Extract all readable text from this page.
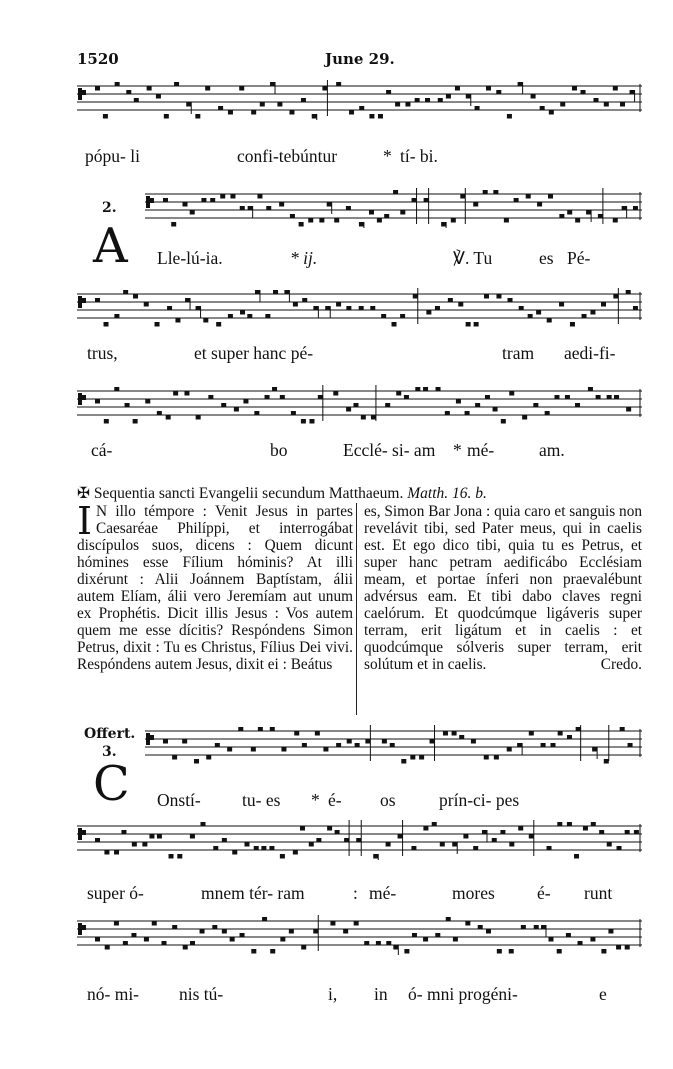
1520	June 29.
pópu- li	confi-tebúntur	* tí- bi.
2.
A Lle-lú-ia.	* ij.	℣. Tu	es Pé-
trus,	et super hanc pé-	tram aedi-fi-
cá-	bo	Ecclé- si- am * mé-	am.
✠ Sequentia sancti Evangelii secundum Matthaeum. Matth. 16. b.
I N illo témpore : Venit Jesus in partes Caesaréae Philíppi, et interrogábat discípulos suos, dicens : Quem dicunt hómines esse Fílium hóminis? At illi dixérunt : Alii Joánnem Baptístam, álii autem Elíam, álii vero Jeremíam aut unum ex Prophétis. Dicit illis Jesus : Vos autem quem me esse dícitis? Respóndens Simon Petrus, dixit : Tu es Christus, Fílius Dei vivi. Respóndens autem Jesus, dixit ei : Beátus

es, Simon Bar Jona : quia caro et sanguis non revelávit tibi, sed Pater meus, qui in caelis est. Et ego dico tibi, quia tu es Petrus, et super hanc petram aedificábo Ecclésiam meam, et portae ínferi non praevalébunt advérsus eam. Et tibi dabo claves regni caelórum. Et quodcúmque ligáveris super terram, erit ligátum et in caelis : et quodcúmque sólveris super terram, erit solútum et in caelis.	Credo.

Offert.
3.
C Onstí- tu- es * é- os prín-ci- pes
super ó-	mnem tér- ram	: mé-	mores é- runt
nó- mi- nis tú-	i, in ó- mni progéni-	e
